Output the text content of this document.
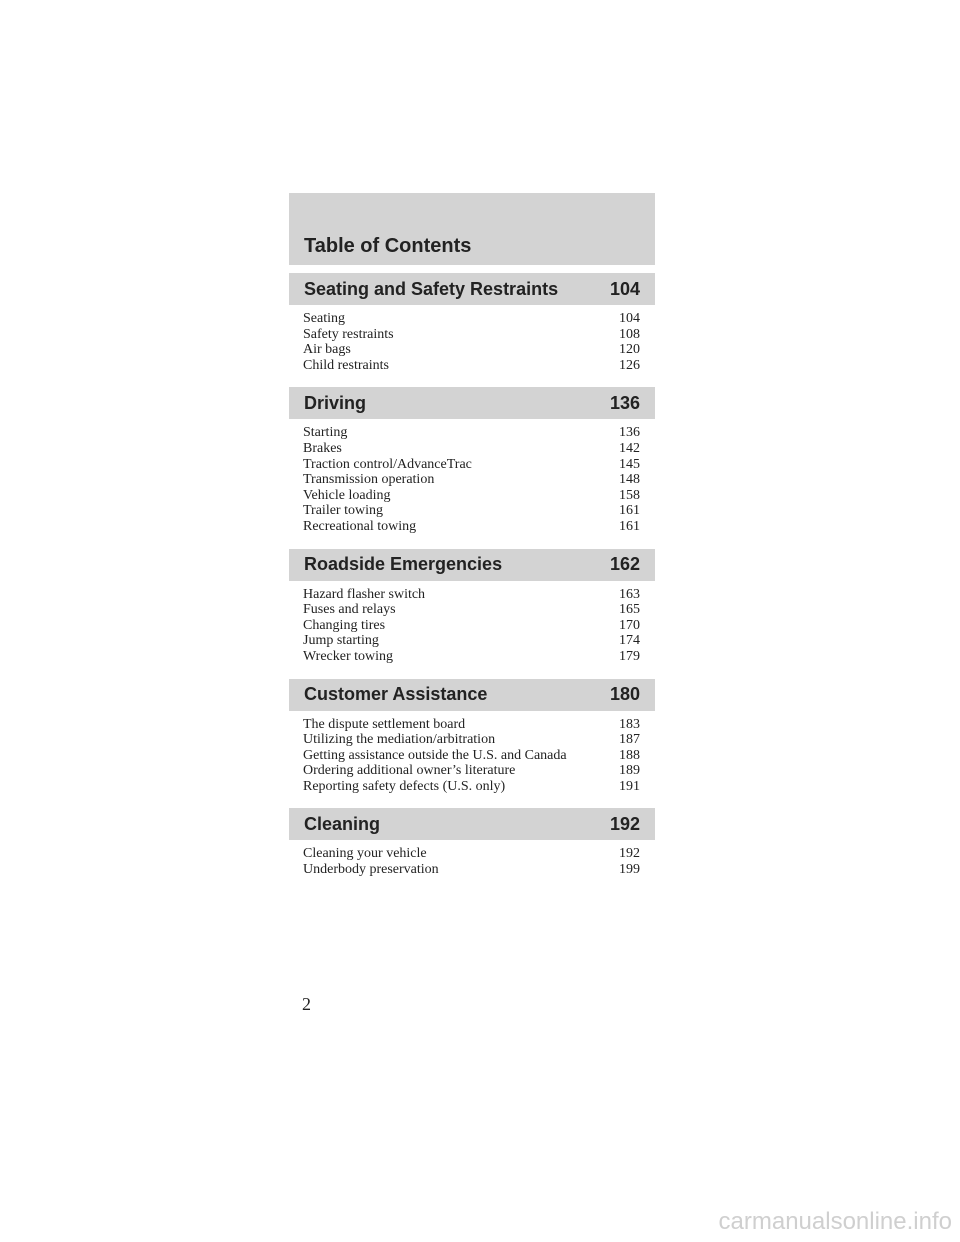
Table of Contents
Seating and Safety Restraints	104
Seating	104
Safety restraints	108
Air bags	120
Child restraints	126
Driving	136
Starting	136
Brakes	142
Traction control/AdvanceTrac	145
Transmission operation	148
Vehicle loading	158
Trailer towing	161
Recreational towing	161
Roadside Emergencies	162
Hazard flasher switch	163
Fuses and relays	165
Changing tires	170
Jump starting	174
Wrecker towing	179
Customer Assistance	180
The dispute settlement board	183
Utilizing the mediation/arbitration	187
Getting assistance outside the U.S. and Canada	188
Ordering additional owner’s literature	189
Reporting safety defects (U.S. only)	191
Cleaning	192
Cleaning your vehicle	192
Underbody preservation	199
2
carmanualsonline.info
